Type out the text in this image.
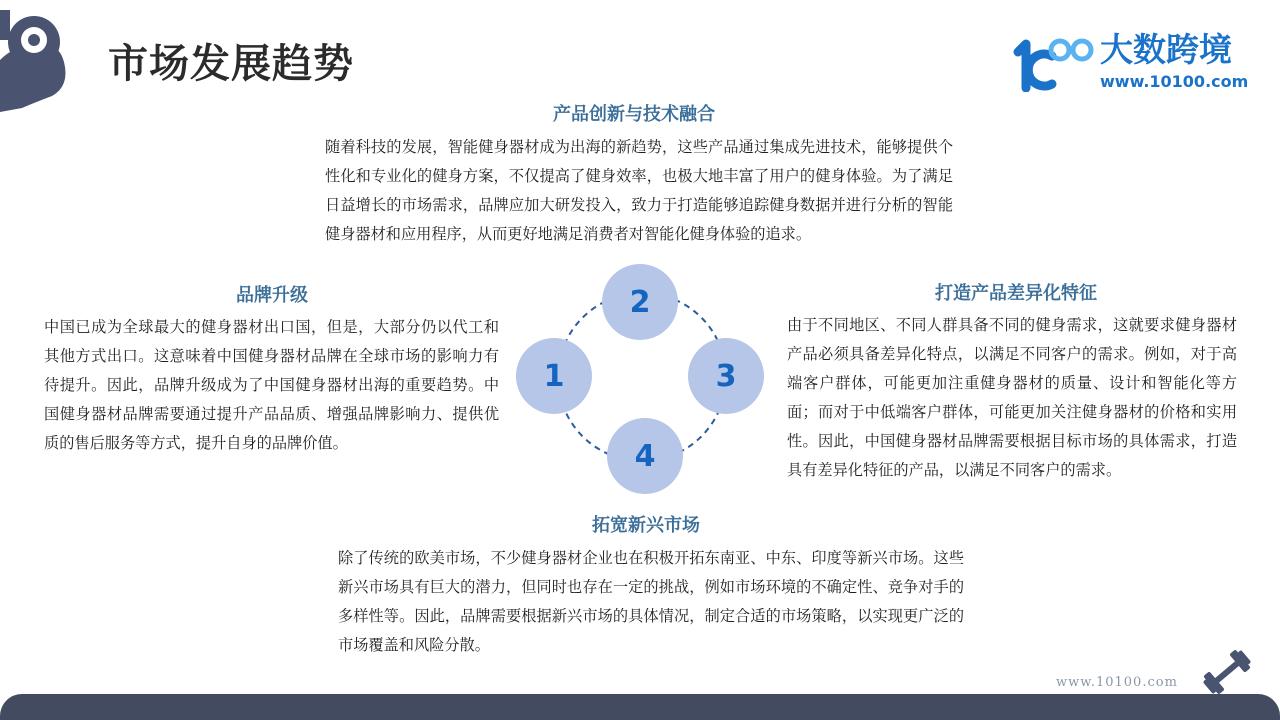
市场发展趋势	大数跨境
www.10100.com
产品创新与技术融合
随着科技的发展，智能健身器材成为出海的新趋势，这些产品通过集成先进技术，能够提供个性化和专业化的健身方案，不仅提高了健身效率，也极大地丰富了用户的健身体验。为了满足日益增长的市场需求，品牌应加大研发投入，致力于打造能够追踪健身数据并进行分析的智能健身器材和应用程序，从而更好地满足消费者对智能化健身体验的追求。
品牌升级
中国已成为全球最大的健身器材出口国，但是，大部分仍以代工和其他方式出口。这意味着中国健身器材品牌在全球市场的影响力有待提升。因此，品牌升级成为了中国健身器材出海的重要趋势。中国健身器材品牌需要通过提升产品品质、增强品牌影响力、提供优质的售后服务等方式，提升自身的品牌价值。
打造产品差异化特征
由于不同地区、不同人群具备不同的健身需求，这就要求健身器材产品必须具备差异化特点，以满足不同客户的需求。例如，对于高端客户群体，可能更加注重健身器材的质量、设计和智能化等方面；而对于中低端客户群体，可能更加关注健身器材的价格和实用性。因此，中国健身器材品牌需要根据目标市场的具体需求，打造具有差异化特征的产品，以满足不同客户的需求。
1
2
3
4
拓宽新兴市场
除了传统的欧美市场，不少健身器材企业也在积极开拓东南亚、中东、印度等新兴市场。这些新兴市场具有巨大的潜力，但同时也存在一定的挑战，例如市场环境的不确定性、竞争对手的多样性等。因此，品牌需要根据新兴市场的具体情况，制定合适的市场策略，以实现更广泛的市场覆盖和风险分散。
www.10100.com
